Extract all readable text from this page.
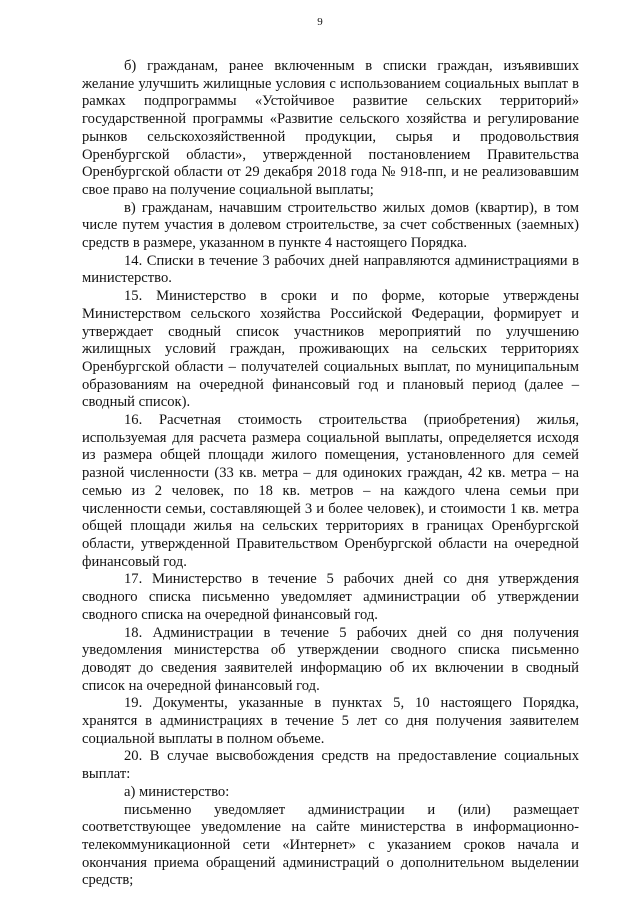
9

б) гражданам, ранее включенным в списки граждан, изъявивших желание улучшить жилищные условия с использованием социальных выплат в рамках подпрограммы «Устойчивое развитие сельских территорий» государственной программы «Развитие сельского хозяйства и регулирование рынков сельскохозяйственной продукции, сырья и продовольствия Оренбургской области», утвержденной постановлением Правительства Оренбургской области от 29 декабря 2018 года № 918-пп, и не реализовавшим свое право на получение социальной выплаты;

в) гражданам, начавшим строительство жилых домов (квартир), в том числе путем участия в долевом строительстве, за счет собственных (заемных) средств в размере, указанном в пункте 4 настоящего Порядка.

14. Списки в течение 3 рабочих дней направляются администрациями в министерство.

15. Министерство в сроки и по форме, которые утверждены Министерством сельского хозяйства Российской Федерации, формирует и утверждает сводный список участников мероприятий по улучшению жилищных условий граждан, проживающих на сельских территориях Оренбургской области – получателей социальных выплат, по муниципальным образованиям на очередной финансовый год и плановый период (далее – сводный список).

16. Расчетная стоимость строительства (приобретения) жилья, используемая для расчета размера социальной выплаты, определяется исходя из размера общей площади жилого помещения, установленного для семей разной численности (33 кв. метра – для одиноких граждан, 42 кв. метра – на семью из 2 человек, по 18 кв. метров – на каждого члена семьи при численности семьи, составляющей 3 и более человек), и стоимости 1 кв. метра общей площади жилья на сельских территориях в границах Оренбургской области, утвержденной Правительством Оренбургской области на очередной финансовый год.

17. Министерство в течение 5 рабочих дней со дня утверждения сводного списка письменно уведомляет администрации об утверждении сводного списка на очередной финансовый год.

18. Администрации в течение 5 рабочих дней со дня получения уведомления министерства об утверждении сводного списка письменно доводят до сведения заявителей информацию об их включении в сводный список на очередной финансовый год.

19. Документы, указанные в пунктах 5, 10 настоящего Порядка, хранятся в администрациях в течение 5 лет со дня получения заявителем социальной выплаты в полном объеме.

20. В случае высвобождения средств на предоставление социальных выплат:

а) министерство:

письменно уведомляет администрации и (или) размещает соответствующее уведомление на сайте министерства в информационно-телекоммуникационной сети «Интернет» с указанием сроков начала и окончания приема обращений администраций о дополнительном выделении средств;
